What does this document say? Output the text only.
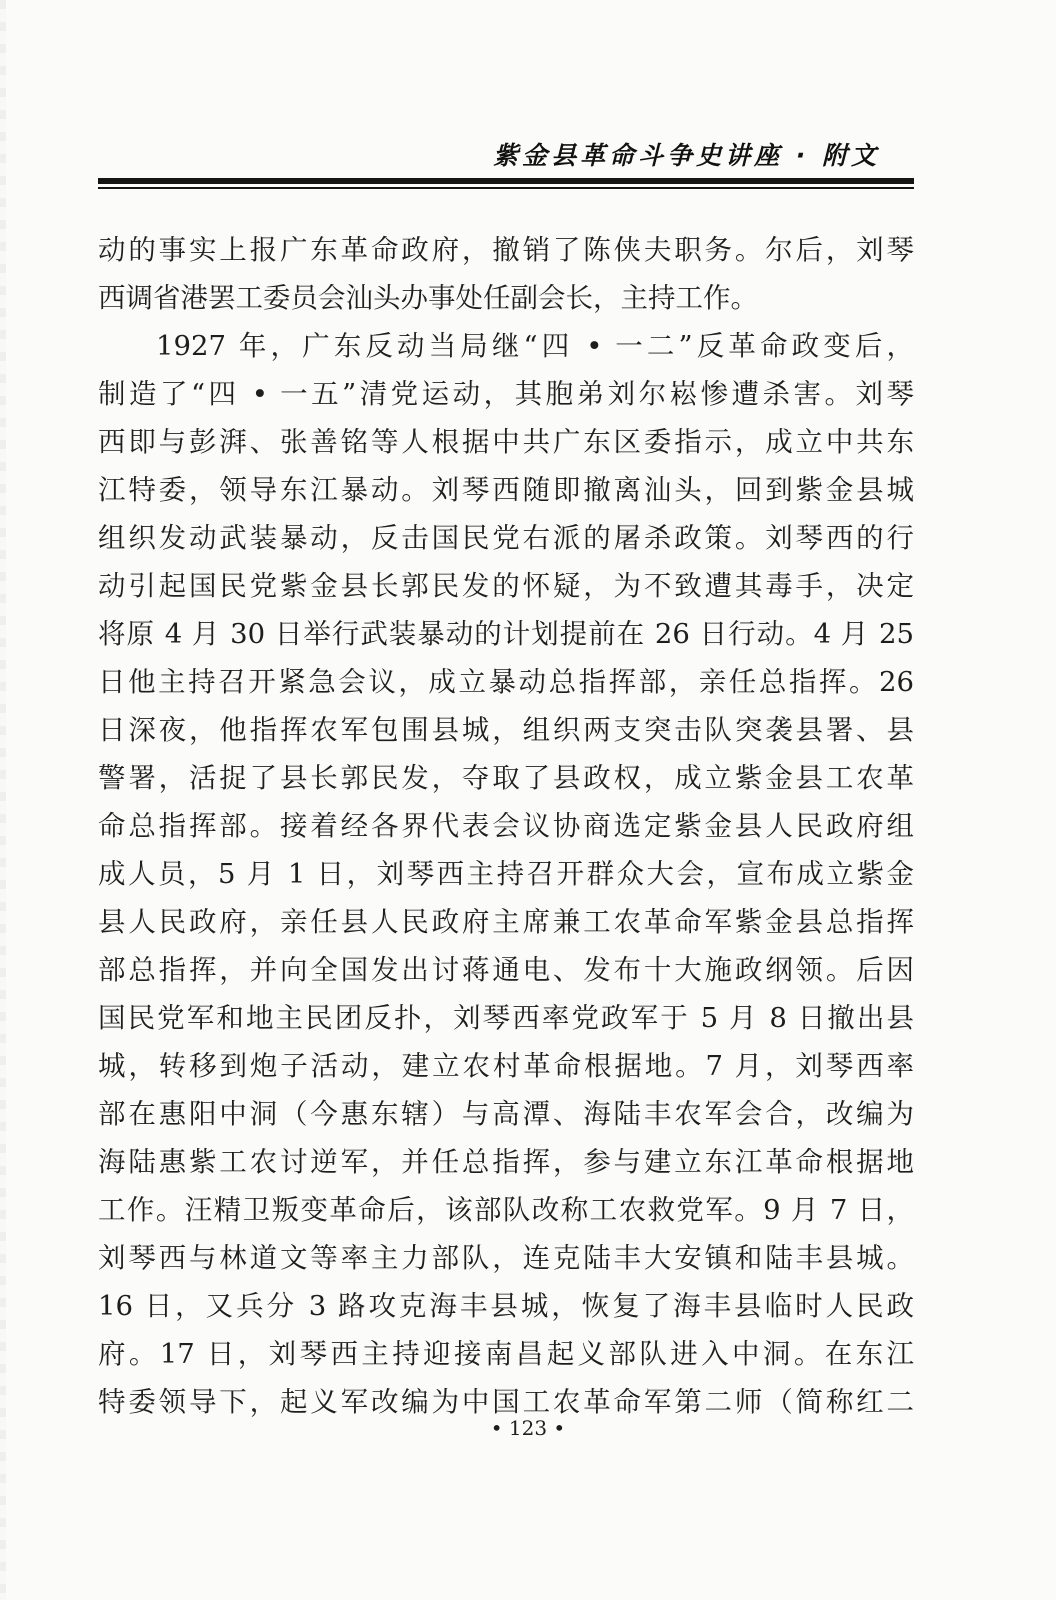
紫金县革命斗争史讲座 · 附文
动的事实上报广东革命政府，撤销了陈侠夫职务。尔后，刘琴
西调省港罢工委员会汕头办事处任副会长，主持工作。
1927 年，广东反动当局继“四 • 一二”反革命政变后，
制造了“四 • 一五”清党运动，其胞弟刘尔崧惨遭杀害。刘琴
西即与彭湃、张善铭等人根据中共广东区委指示，成立中共东
江特委，领导东江暴动。刘琴西随即撤离汕头，回到紫金县城
组织发动武装暴动，反击国民党右派的屠杀政策。刘琴西的行
动引起国民党紫金县长郭民发的怀疑，为不致遭其毒手，决定
将原 4 月 30 日举行武装暴动的计划提前在 26 日行动。4 月 25
日他主持召开紧急会议，成立暴动总指挥部，亲任总指挥。26
日深夜，他指挥农军包围县城，组织两支突击队突袭县署、县
警署，活捉了县长郭民发，夺取了县政权，成立紫金县工农革
命总指挥部。接着经各界代表会议协商选定紫金县人民政府组
成人员，5 月 1 日，刘琴西主持召开群众大会，宣布成立紫金
县人民政府，亲任县人民政府主席兼工农革命军紫金县总指挥
部总指挥，并向全国发出讨蒋通电、发布十大施政纲领。后因
国民党军和地主民团反扑，刘琴西率党政军于 5 月 8 日撤出县
城，转移到炮子活动，建立农村革命根据地。7 月，刘琴西率
部在惠阳中洞（今惠东辖）与高潭、海陆丰农军会合，改编为
海陆惠紫工农讨逆军，并任总指挥，参与建立东江革命根据地
工作。汪精卫叛变革命后，该部队改称工农救党军。9 月 7 日，
刘琴西与林道文等率主力部队，连克陆丰大安镇和陆丰县城。
16 日，又兵分 3 路攻克海丰县城，恢复了海丰县临时人民政
府。17 日，刘琴西主持迎接南昌起义部队进入中洞。在东江
特委领导下，起义军改编为中国工农革命军第二师（简称红二
• 123 •
